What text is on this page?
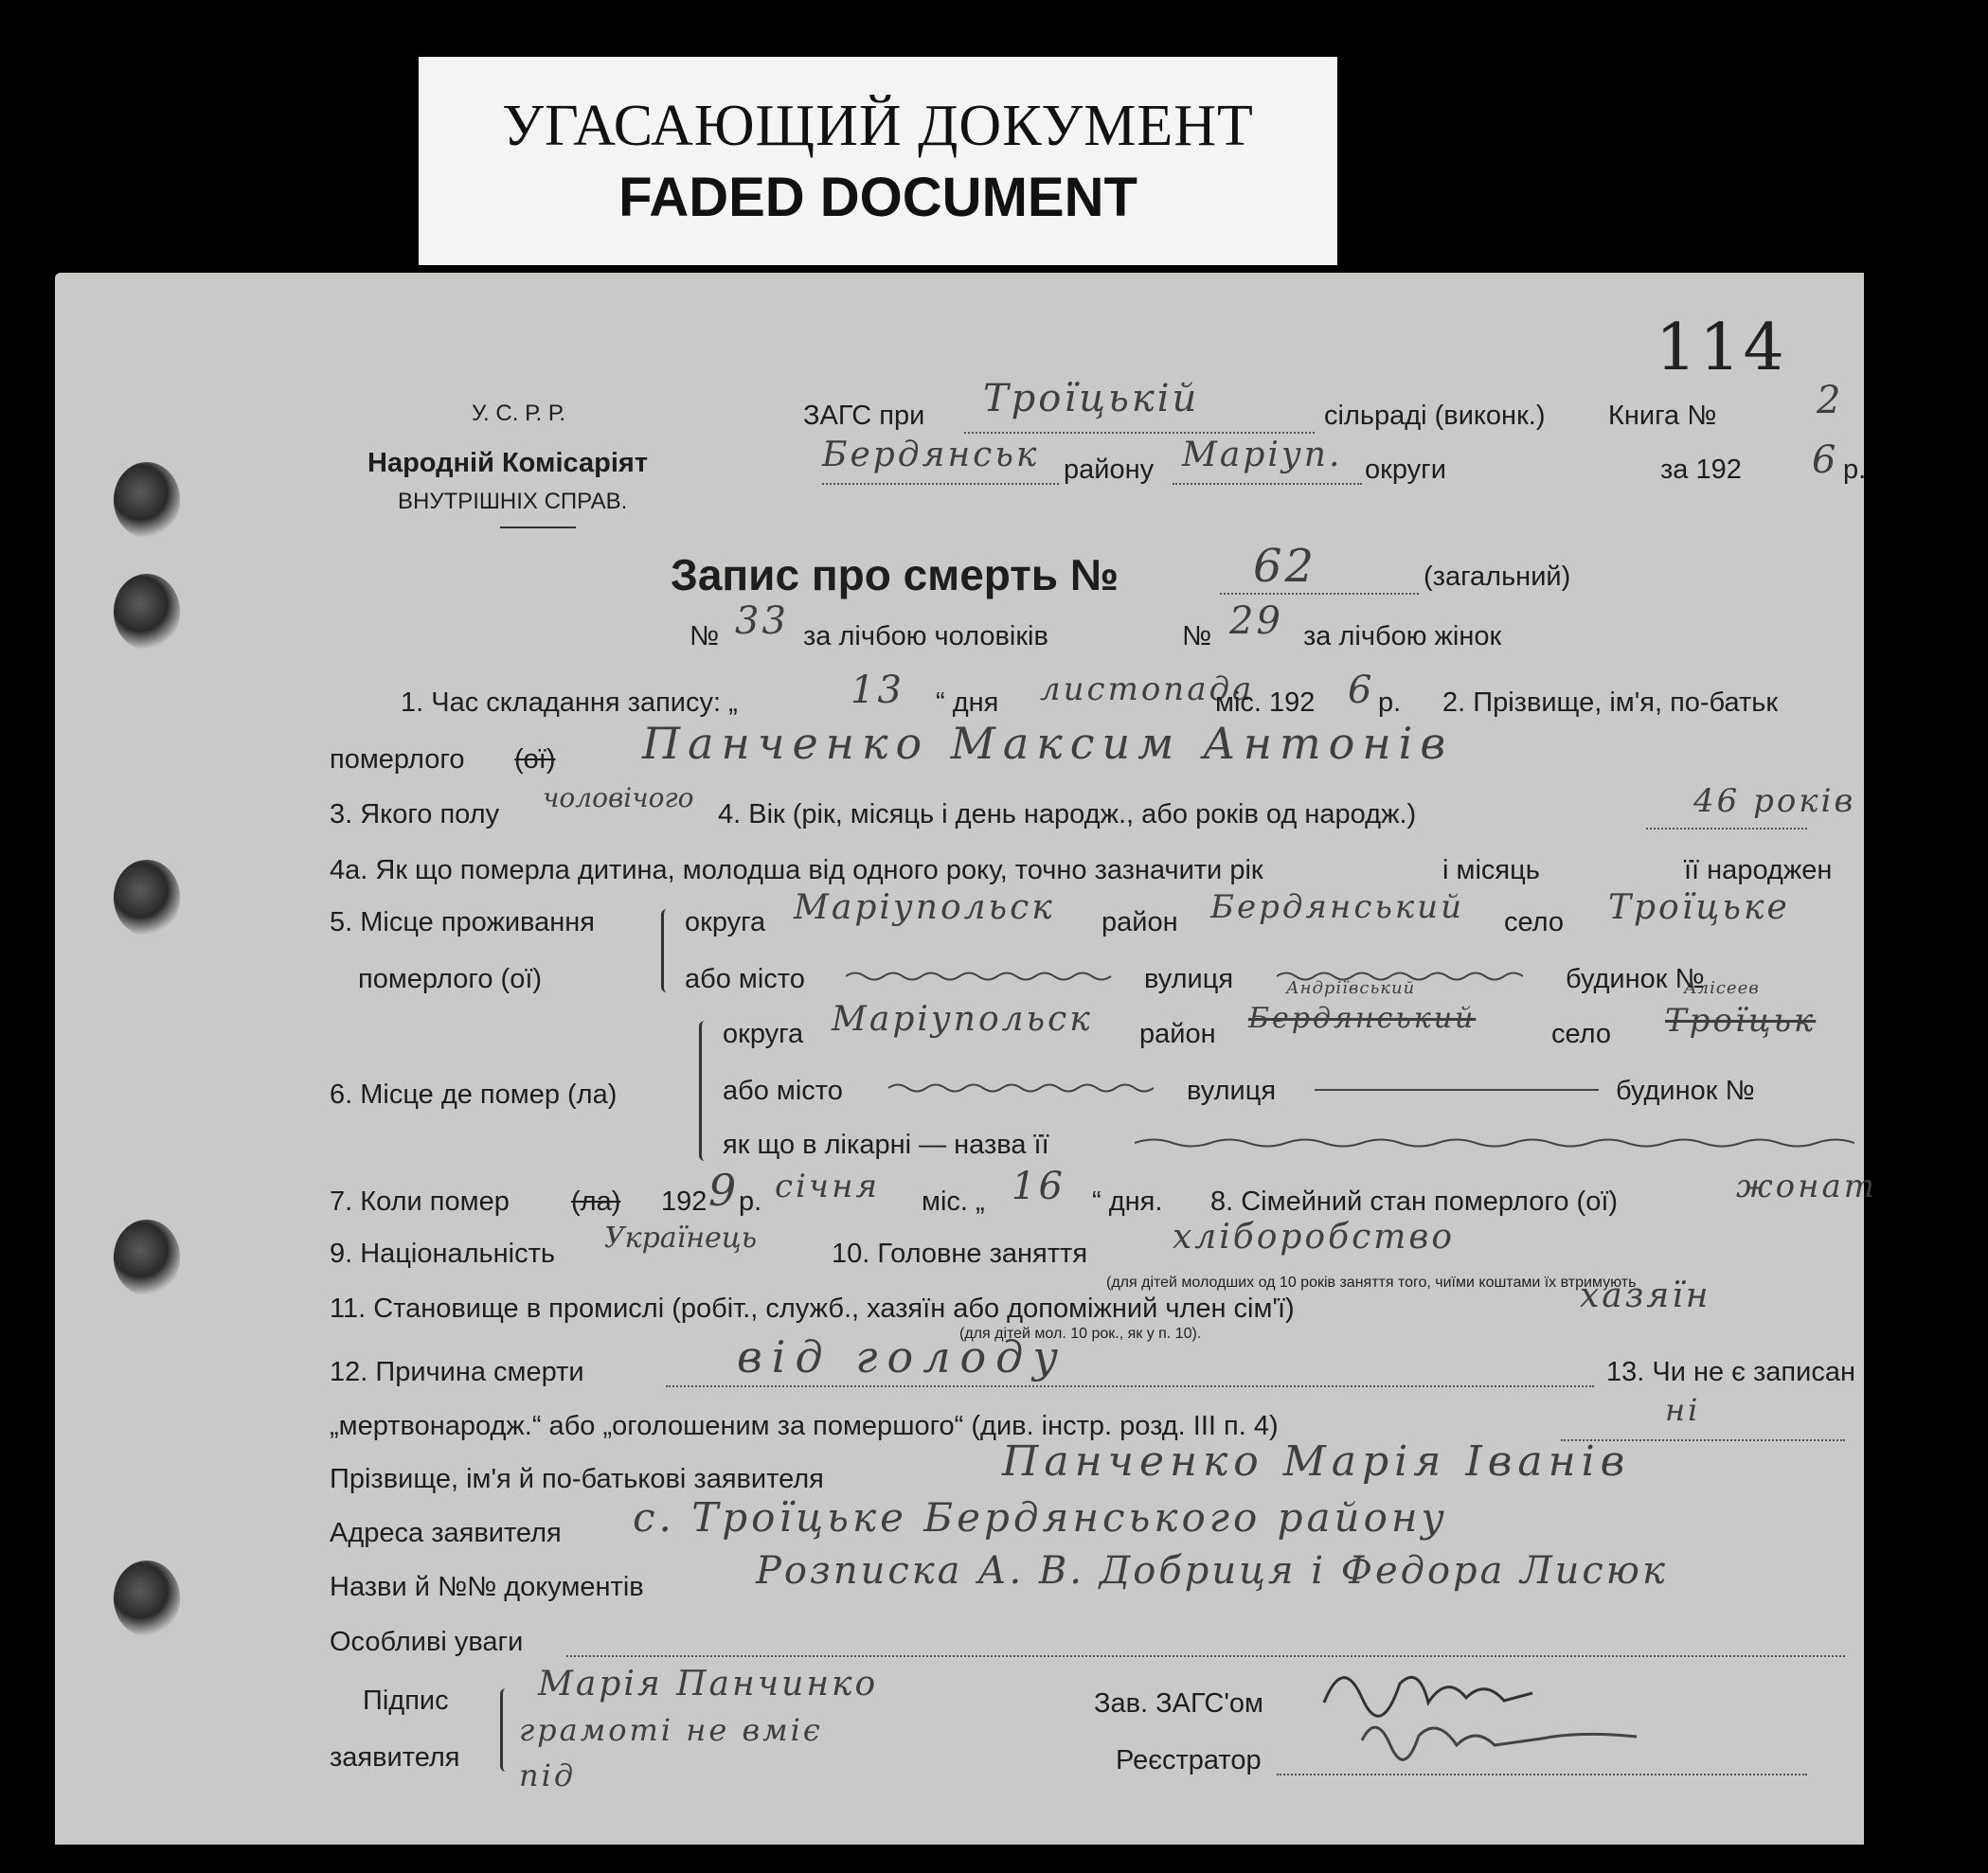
УГАСАЮЩИЙ ДОКУМЕНТ
FADED DOCUMENT
114
У. С. Р. Р.
Народній Комісаріят
ВНУТРІШНІХ СПРАВ.
ЗАГС при Троїцькій	сільраді (виконк.) Книга №	2
Бердянськ району Маріуп. округи	за 192 6 р.
Запис про смерть №	62	(загальний)
№ 33 за лічбою чоловіків	№ 29 за лічбою жінок
1. Час складання запису: „	13 “ дня листопада
міс. 192 6 р. 2. Прізвище, ім'я, по-батьк
померлого (ої) Панченко Максим Антонів
3. Якого полу
чоловічого
4. Вік (рік, місяць і день народж., або років од народж.)	46 років
4а. Як що померла дитина, молодша від одного року, точно зазначити рік	і місяць	її народжен
5. Місце проживання
померлого (ої)
округа Маріупольск район Бердянський село Троїцьке
або місто	вулиця	будинок №
6. Місце де помер (ла)
округа Маріупольск район Бердянський
Андріївський
село
Алісеев
Троїцьк
або місто	вулиця	будинок №
як що в лікарні — назва її
7. Коли помер (ла) 192 9 р. січня міс. „ 16 “ дня. 8. Сімейний стан померлого (ої)	жонат
9. Національність Українець	10. Головне заняття хліборобство
(для дітей молодших од 10 років заняття того, чиїми коштами їх втримують
11. Становище в промислі (робіт., служб., хазяїн або допоміжний член сім'ї)	хазяїн
(для дітей мол. 10 рок., як у п. 10).
12. Причина смерти	від голоду	13. Чи не є записан
„мертвонародж.“ або „оголошеним за помершого“ (див. інстр. розд. III п. 4)	ні
Прізвище, ім'я й по-батькові заявителя	Панченко Марія Іванів
Адреса заявителя с. Троїцьке Бердянського району
Назви й №№ документів	Розписка А. В. Добриця і Федора Лисюк
Особливі уваги
Підпис
заявителя
Марія Панчинко
грамоті не вміє
під
Зав. ЗАГС'ом
Реєстратор
